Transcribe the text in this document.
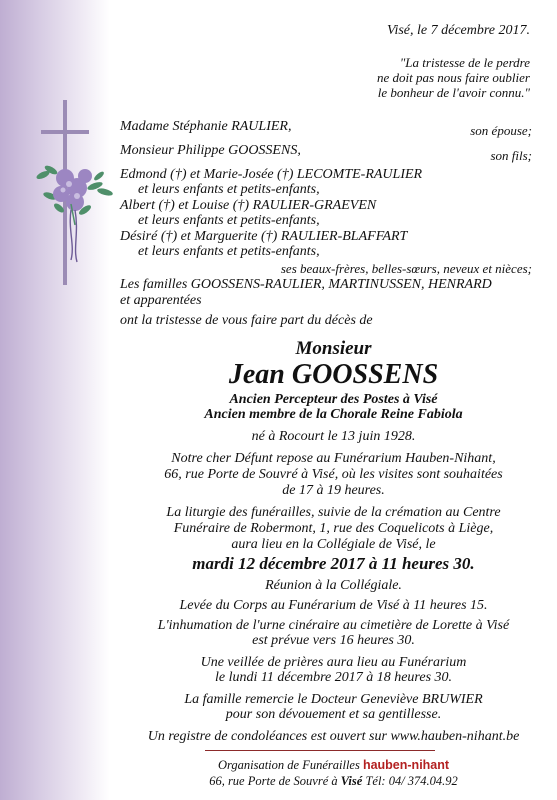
Visé, le 7 décembre 2017.
"La tristesse de le perdre
ne doit pas nous faire oublier
le bonheur de l'avoir connu."
Madame Stéphanie RAULIER,	son épouse;
Monsieur Philippe GOOSSENS,	son fils;
Edmond (†) et Marie-Josée (†) LECOMTE-RAULIER
et leurs enfants et petits-enfants,
Albert (†) et Louise (†) RAULIER-GRAEVEN
et leurs enfants et petits-enfants,
Désiré (†) et Marguerite (†) RAULIER-BLAFFART
et leurs enfants et petits-enfants,
ses beaux-frères, belles-sœurs, neveux et nièces;
Les familles GOOSSENS-RAULIER, MARTINUSSEN, HENRARD
et apparentées
ont la tristesse de vous faire part du décès de
Monsieur
Jean GOOSSENS
Ancien Percepteur des Postes à Visé
Ancien membre de la Chorale Reine Fabiola
né à Rocourt le 13 juin 1928.
Notre cher Défunt repose au Funérarium Hauben-Nihant,
66, rue Porte de Souvré à Visé, où les visites sont souhaitées
de 17 à 19 heures.
La liturgie des funérailles, suivie de la crémation au Centre
Funéraire de Robermont, 1, rue des Coquelicots à Liège,
aura lieu en la Collégiale de Visé, le
mardi 12 décembre 2017 à 11 heures 30.
Réunion à la Collégiale.
Levée du Corps au Funérarium de Visé à 11 heures 15.
L'inhumation de l'urne cinéraire au cimetière de Lorette à Visé
est prévue vers 16 heures 30.
Une veillée de prières aura lieu au Funérarium
le lundi 11 décembre 2017 à 18 heures 30.
La famille remercie le Docteur Geneviève BRUWIER
pour son dévouement et sa gentillesse.
Un registre de condoléances est ouvert sur www.hauben-nihant.be
Organisation de Funérailles hauben-nihant
66, rue Porte de Souvré à Visé Tél: 04/ 374.04.92
